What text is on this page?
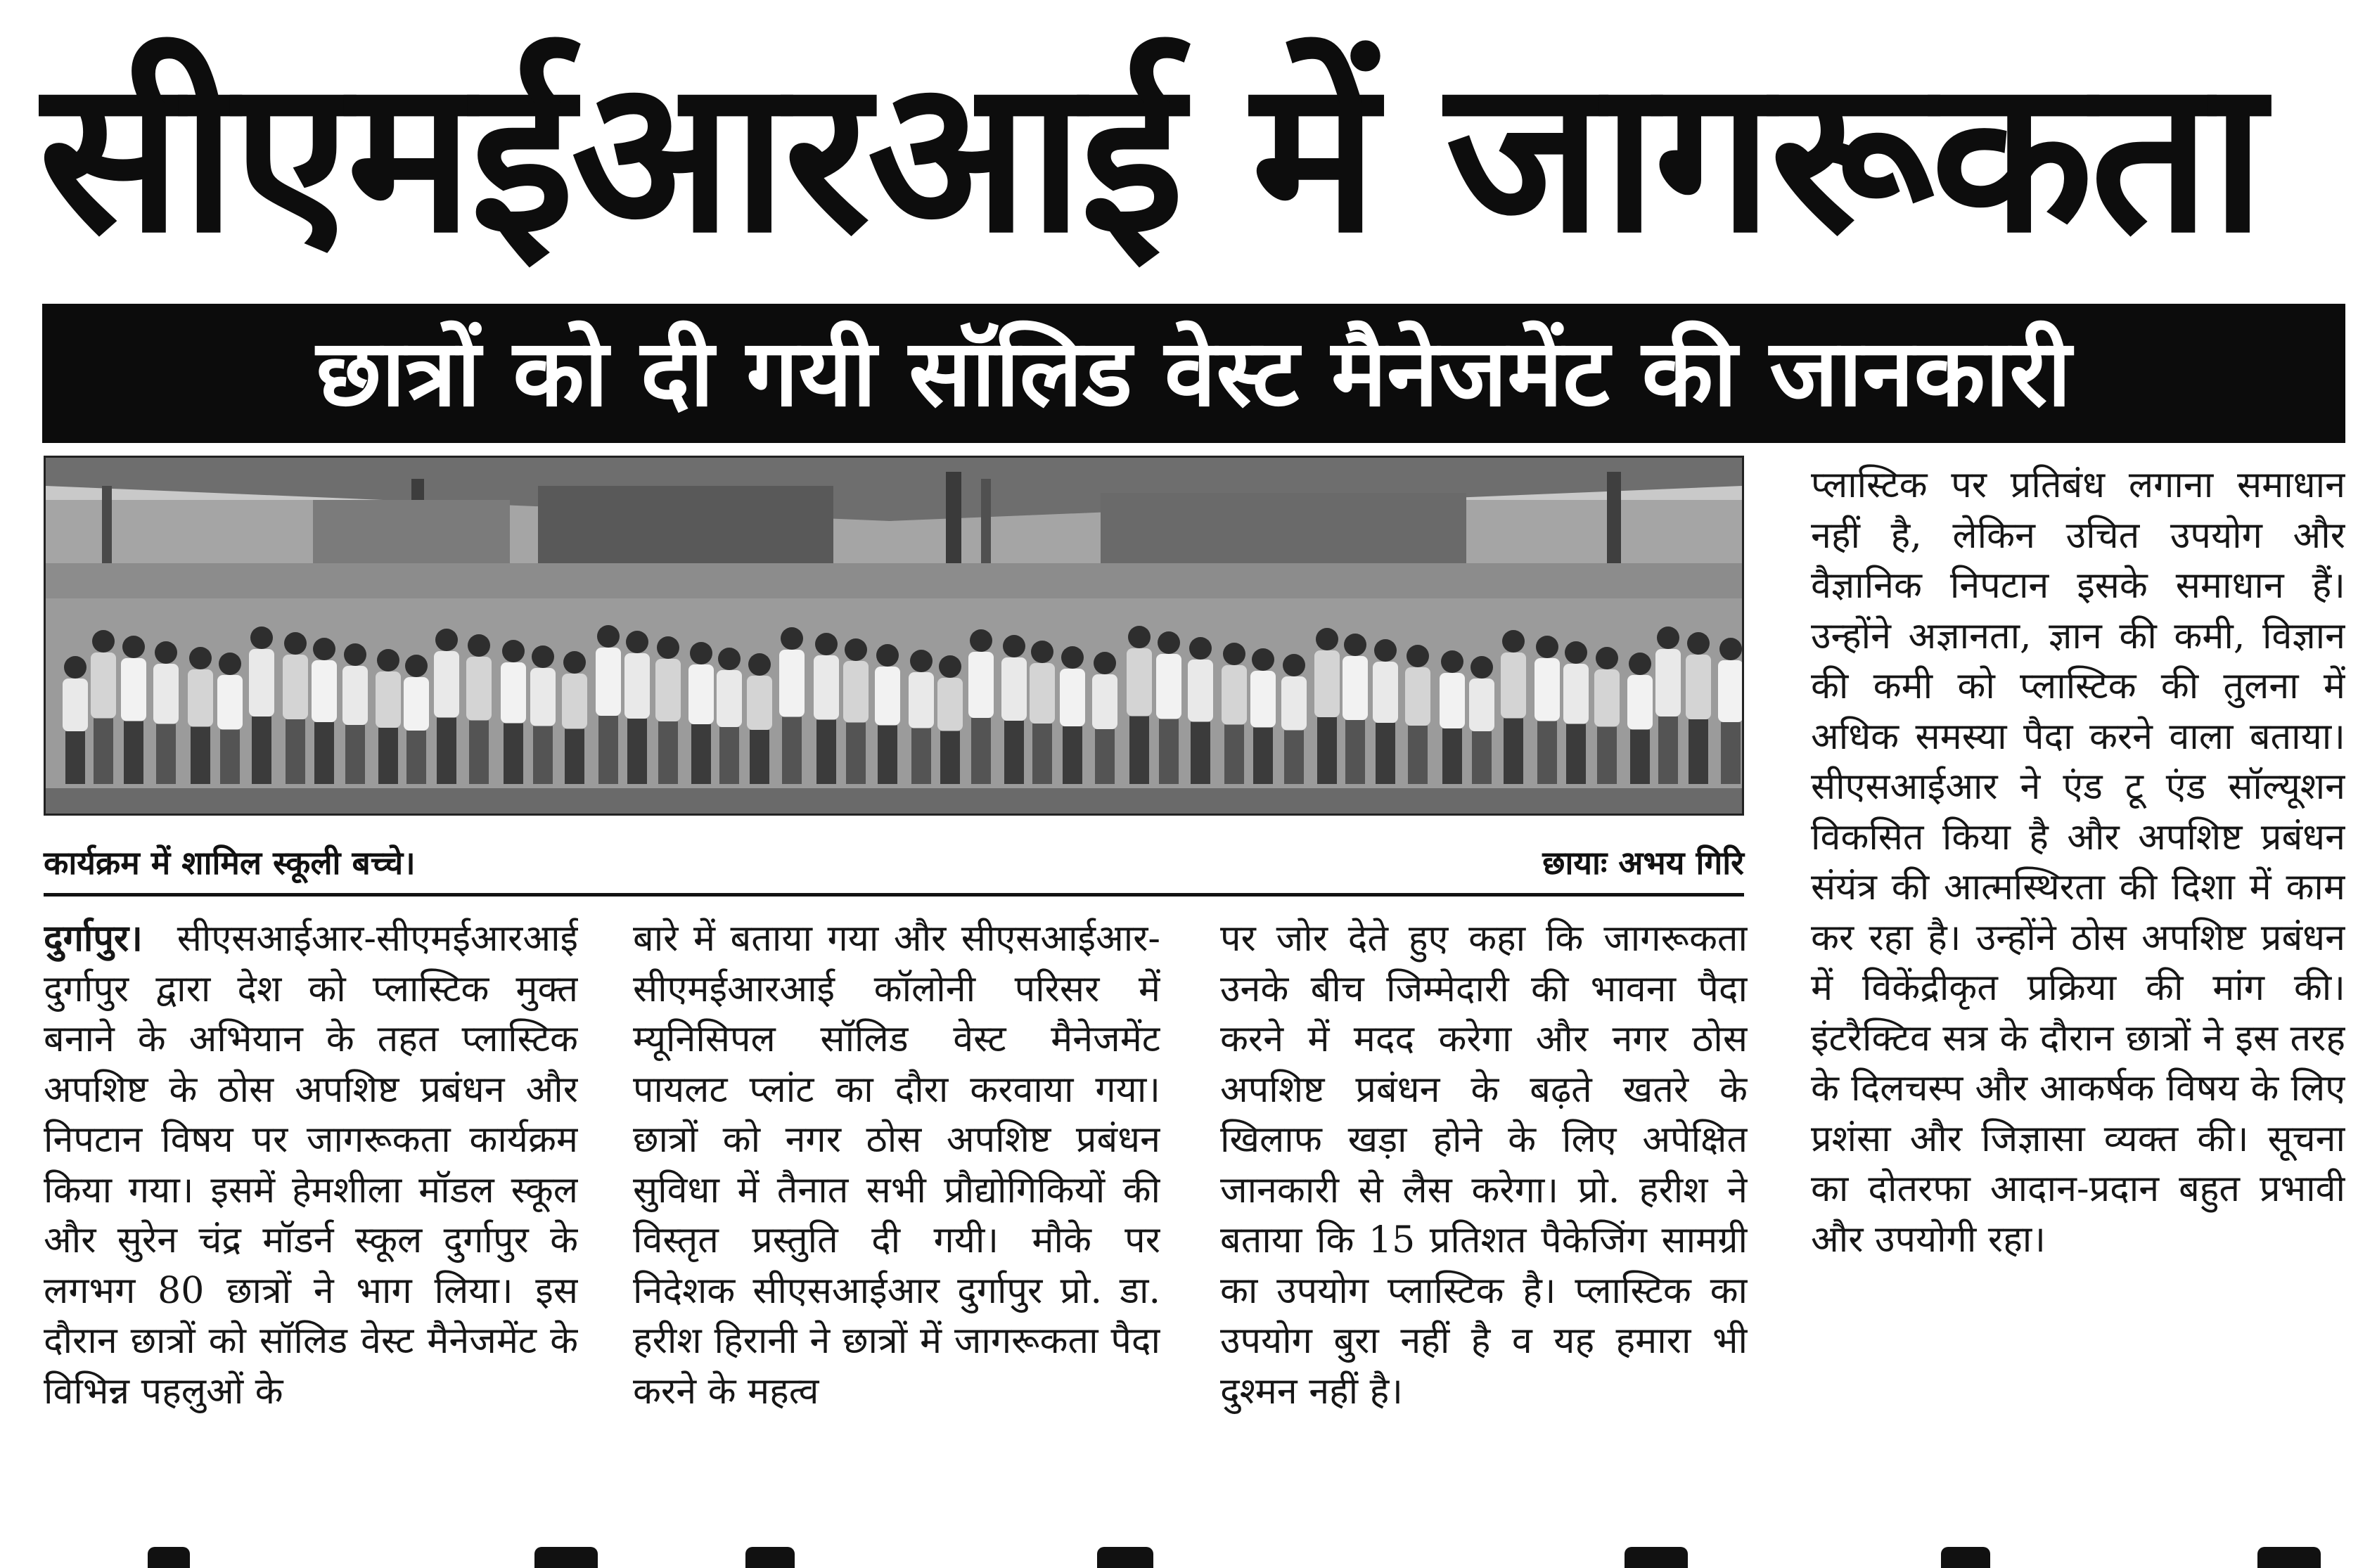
सीएमईआरआई में जागरूकता
छात्रों को दी गयी सॉलिड वेस्ट मैनेजमेंट की जानकारी
कार्यक्रम में शामिल स्कूली बच्चे।	छायाः अभय गिरि
दुर्गापुर। सीएसआईआर-सीएमईआरआई दुर्गापुर द्वारा देश को प्लास्टिक मुक्त बनाने के अभियान के तहत प्लास्टिक अपशिष्ट के ठोस अपशिष्ट प्रबंधन और निपटान विषय पर जागरूकता कार्यक्रम किया गया। इसमें हेमशीला मॉडल स्कूल और सुरेन चंद्र मॉडर्न स्कूल दुर्गापुर के लगभग 80 छात्रों ने भाग लिया। इस दौरान छात्रों को सॉलिड वेस्ट मैनेजमेंट के विभिन्न पहलुओं के
बारे में बताया गया और सीएसआईआर- सीएमईआरआई कॉलोनी परिसर में म्यूनिसिपल सॉलिड वेस्ट मैनेजमेंट पायलट प्लांट का दौरा करवाया गया। छात्रों को नगर ठोस अपशिष्ट प्रबंधन सुविधा में तैनात सभी प्रौद्योगिकियों की विस्तृत प्रस्तुति दी गयी। मौके पर निदेशक सीएसआईआर दुर्गापुर प्रो. डा. हरीश हिरानी ने छात्रों में जागरूकता पैदा करने के महत्व
पर जोर देते हुए कहा कि जागरूकता उनके बीच जिम्मेदारी की भावना पैदा करने में मदद करेगा और नगर ठोस अपशिष्ट प्रबंधन के बढ़ते खतरे के खिलाफ खड़ा होने के लिए अपेक्षित जानकारी से लैस करेगा। प्रो. हरीश ने बताया कि 15 प्रतिशत पैकेजिंग सामग्री का उपयोग प्लास्टिक है। प्लास्टिक का उपयोग बुरा नहीं है व यह हमारा भी दुश्मन नहीं है।
प्लास्टिक पर प्रतिबंध लगाना समाधान नहीं है, लेकिन उचित उपयोग और वैज्ञानिक निपटान इसके समाधान हैं। उन्होंने अज्ञानता, ज्ञान की कमी, विज्ञान की कमी को प्लास्टिक की तुलना में अधिक समस्या पैदा करने वाला बताया। सीएसआईआर ने एंड टू एंड सॉल्यूशन विकसित किया है और अपशिष्ट प्रबंधन संयंत्र की आत्मस्थिरता की दिशा में काम कर रहा है। उन्होंने ठोस अपशिष्ट प्रबंधन में विकेंद्रीकृत प्रक्रिया की मांग की। इंटरैक्टिव सत्र के दौरान छात्रों ने इस तरह के दिलचस्प और आकर्षक विषय के लिए प्रशंसा और जिज्ञासा व्यक्त की। सूचना का दोतरफा आदान-प्रदान बहुत प्रभावी और उपयोगी रहा।
